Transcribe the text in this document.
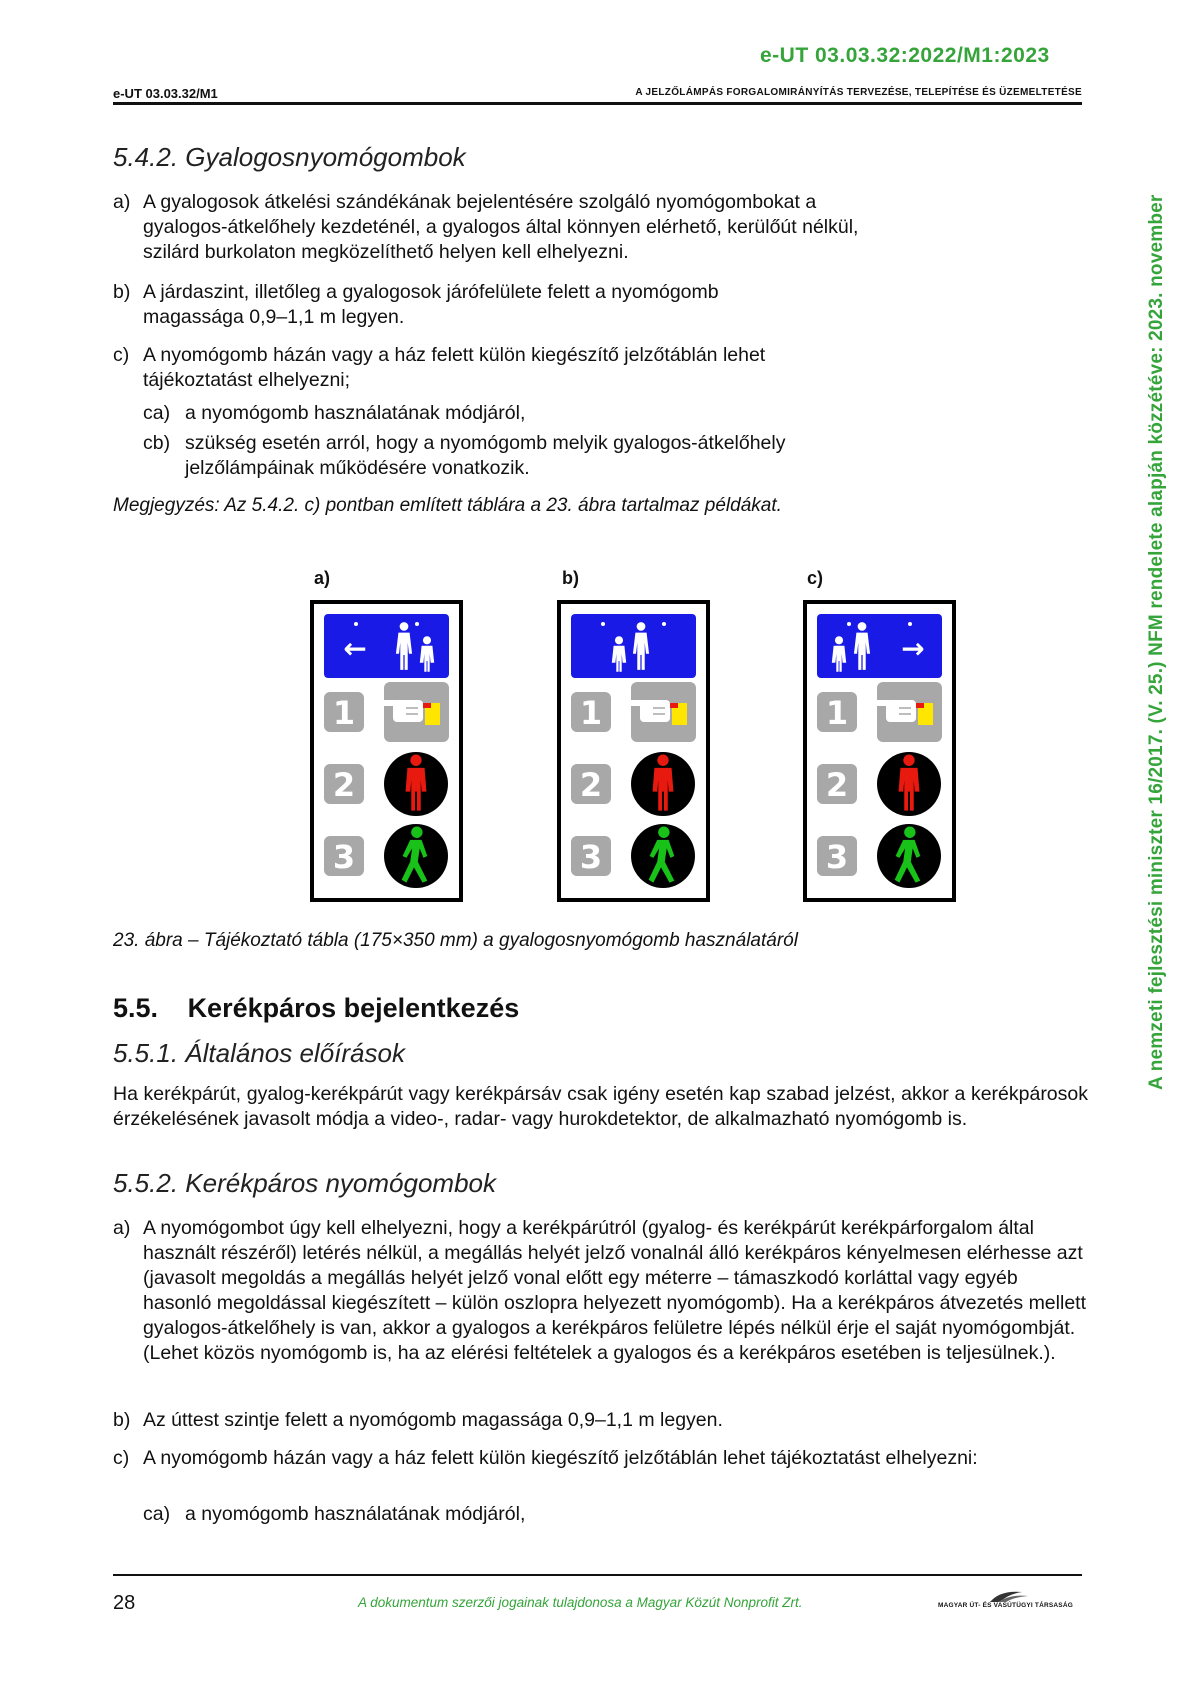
e-UT 03.03.32:2022/M1:2023
e-UT 03.03.32/M1	A JELZŐLÁMPÁS FORGALOMIRÁNYÍTÁS TERVEZÉSE, TELEPÍTÉSE ÉS ÜZEMELTETÉSE
A nemzeti fejlesztési miniszter 16/2017. (V. 25.) NFM rendelete alapján közzétéve: 2023. november
5.4.2. Gyalogosnyomógombok
a) A gyalogosok átkelési szándékának bejelentésére szolgáló nyomógombokat a gyalogos-átkelőhely kezdeténél, a gyalogos által könnyen elérhető, kerülőút nélkül, szilárd burkolaton megközelíthető helyen kell elhelyezni.
b) A járdaszint, illetőleg a gyalogosok járófelülete felett a nyomógomb magassága 0,9–1,1 m legyen.
c) A nyomógomb házán vagy a ház felett külön kiegészítő jelzőtáblán lehet tájékoztatást elhelyezni;
ca) a nyomógomb használatának módjáról,
cb) szükség esetén arról, hogy a nyomógomb melyik gyalogos-átkelőhely jelzőlámpáinak működésére vonatkozik.
Megjegyzés: Az 5.4.2. c) pontban említett táblára a 23. ábra tartalmaz példákat.
a)	b)	c)
←
1
2
3
1
2
3
→
1
2
3
23. ábra – Tájékoztató tábla (175×350 mm) a gyalogosnyomógomb használatáról
5.5. Kerékpáros bejelentkezés
5.5.1. Általános előírások
Ha kerékpárút, gyalog-kerékpárút vagy kerékpársáv csak igény esetén kap szabad jelzést, akkor a kerékpárosok érzékelésének javasolt módja a video-, radar- vagy hurokdetektor, de alkalmazható nyomógomb is.
5.5.2. Kerékpáros nyomógombok
a) A nyomógombot úgy kell elhelyezni, hogy a kerékpárútról (gyalog- és kerékpárút kerékpárforgalom által használt részéről) letérés nélkül, a megállás helyét jelző vonalnál álló kerékpáros kényelmesen elérhesse azt (javasolt megoldás a megállás helyét jelző vonal előtt egy méterre – támaszkodó korláttal vagy egyéb hasonló megoldással kiegészített – külön oszlopra helyezett nyomógomb). Ha a kerékpáros átvezetés mellett gyalogos-átkelőhely is van, akkor a gyalogos a kerékpáros felületre lépés nélkül érje el saját nyomógombját. (Lehet közös nyomógomb is, ha az elérési feltételek a gyalogos és a kerékpáros esetében is teljesülnek.).
b) Az úttest szintje felett a nyomógomb magassága 0,9–1,1 m legyen.
c) A nyomógomb házán vagy a ház felett külön kiegészítő jelzőtáblán lehet tájékoztatást elhelyezni:
ca) a nyomógomb használatának módjáról,
28	A dokumentum szerzői jogainak tulajdonosa a Magyar Közút Nonprofit Zrt.	MAGYAR ÚT- ÉS VASÚTÜGYI TÁRSASÁG
